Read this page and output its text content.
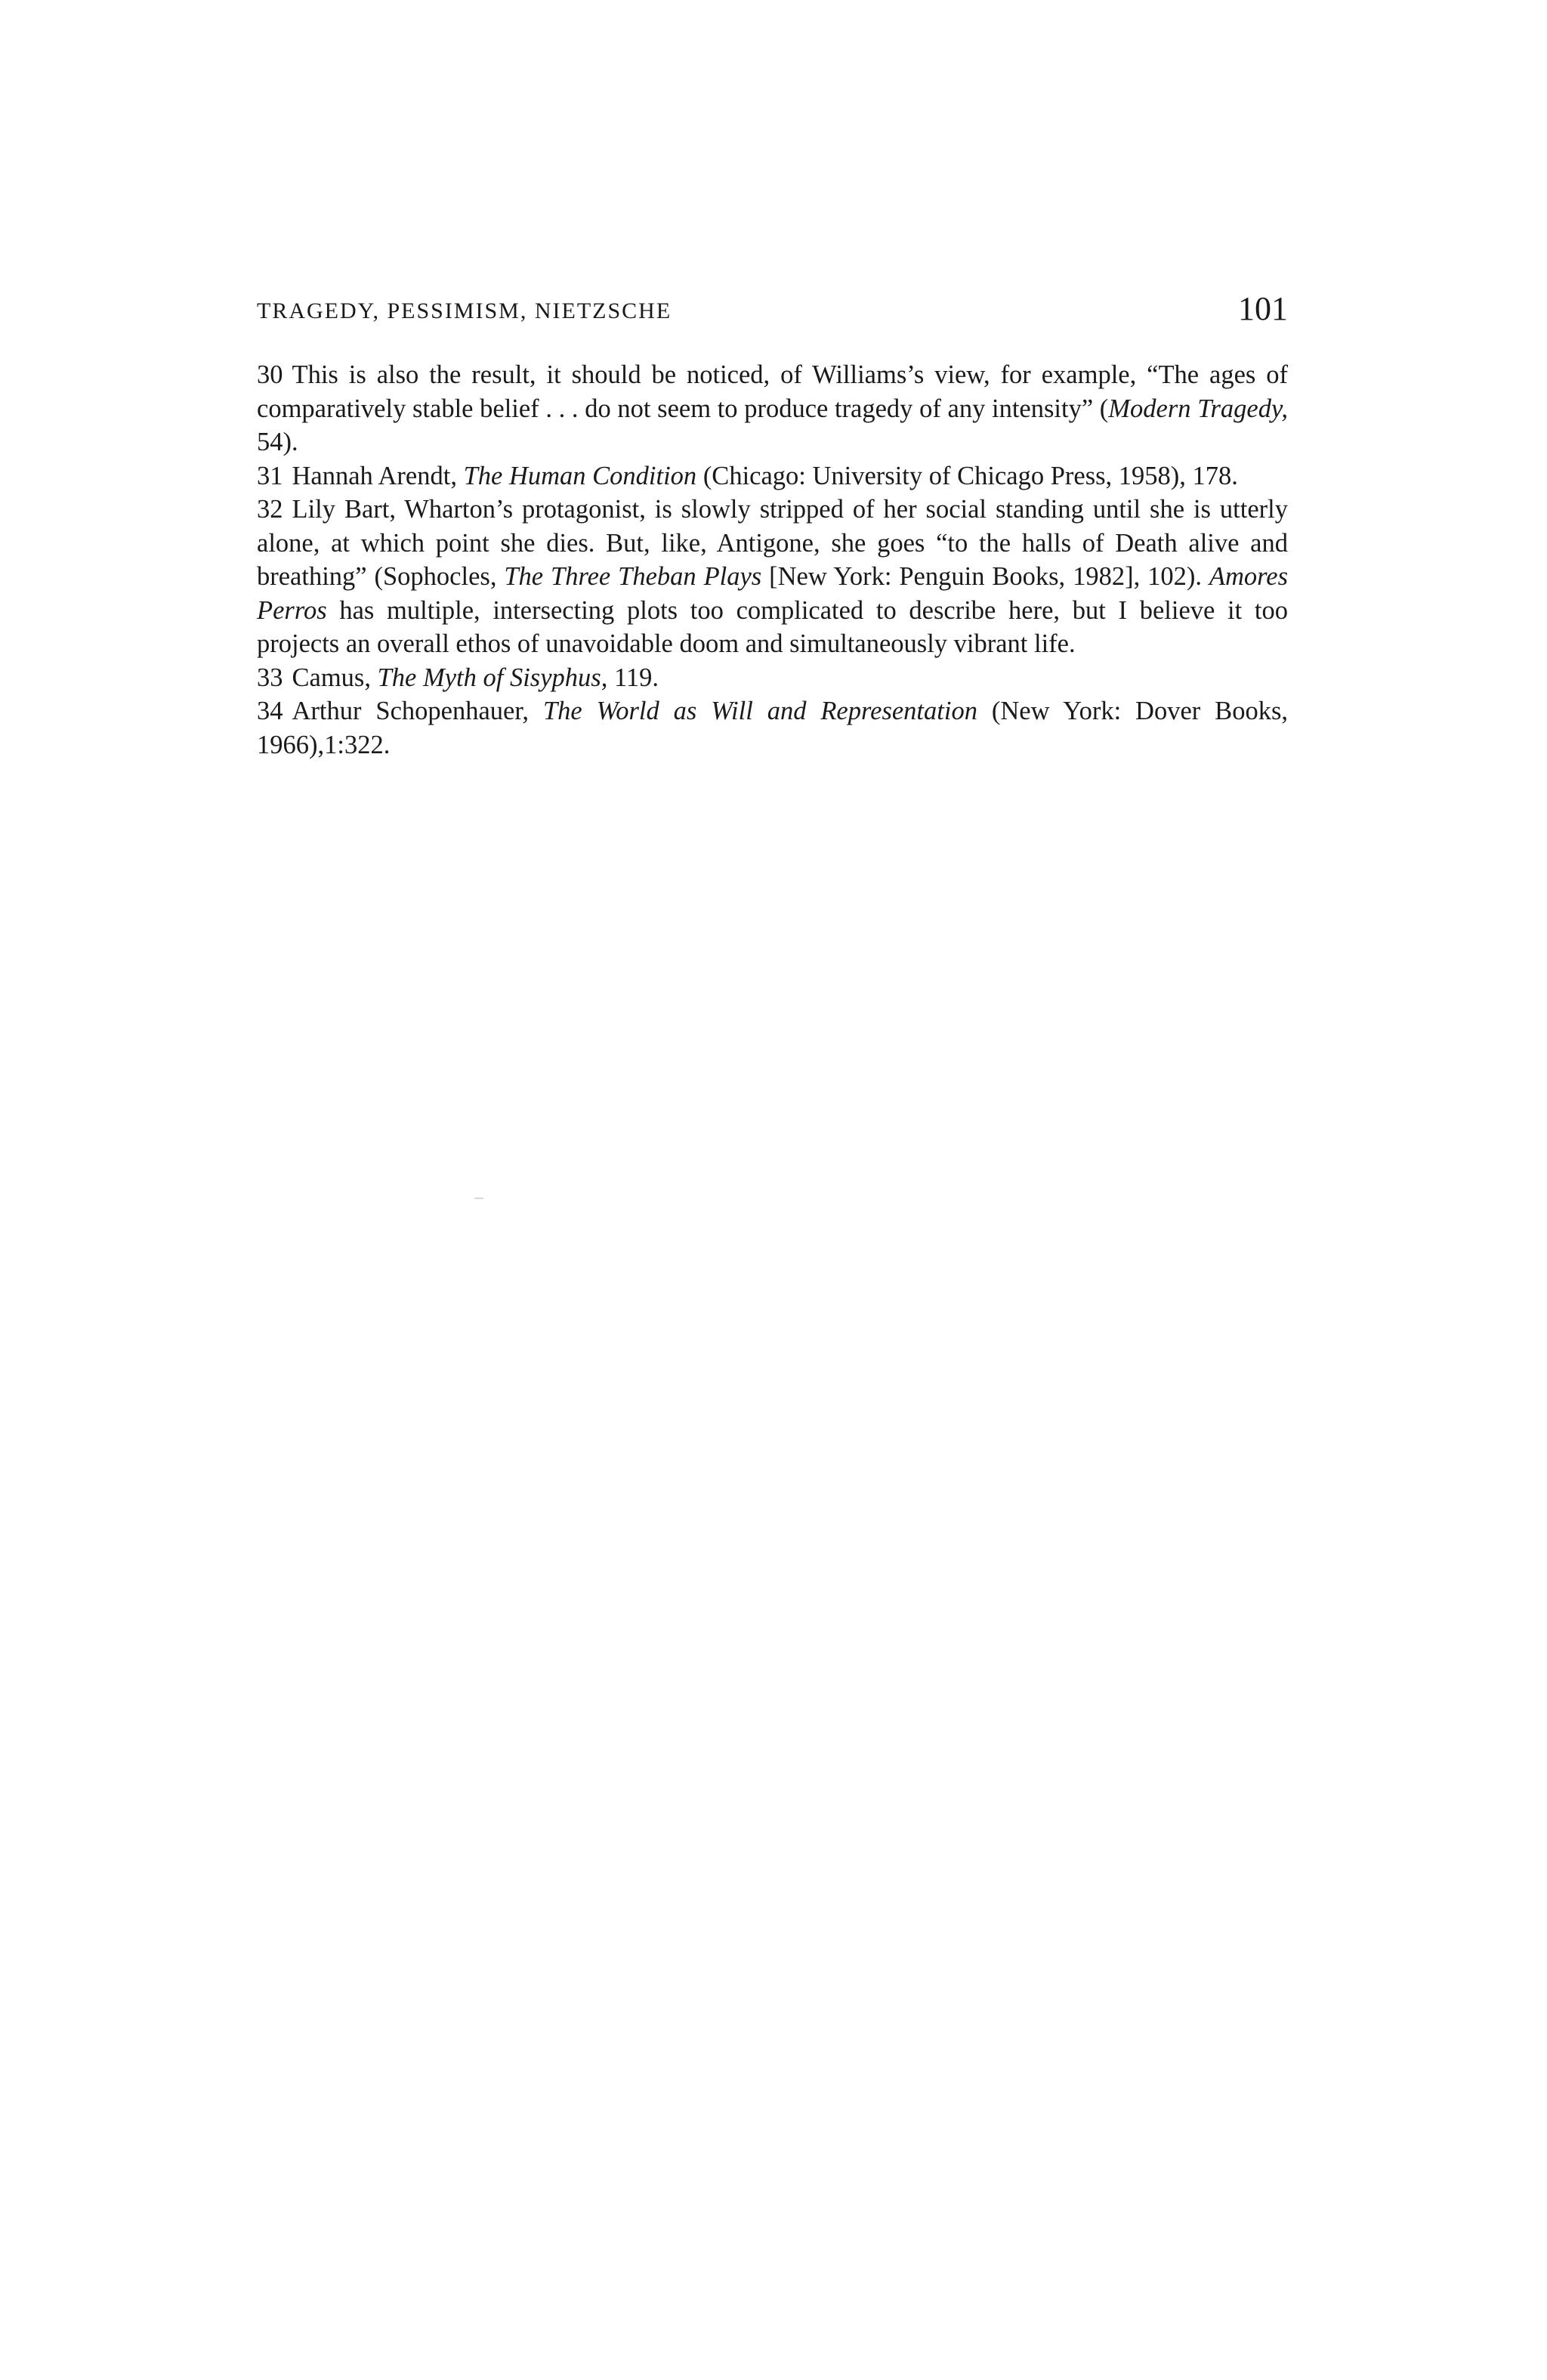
TRAGEDY, PESSIMISM, NIETZSCHE	101

30 This is also the result, it should be noticed, of Williams’s view, for example, “The ages of comparatively stable belief . . . do not seem to produce tragedy of any intensity” (Modern Tragedy, 54).

31 Hannah Arendt, The Human Condition (Chicago: University of Chicago Press, 1958), 178.

32 Lily Bart, Wharton’s protagonist, is slowly stripped of her social standing until she is utterly alone, at which point she dies. But, like, Antigone, she goes “to the halls of Death alive and breathing” (Sophocles, The Three Theban Plays [New York: Penguin Books, 1982], 102). Amores Perros has multiple, intersecting plots too complicated to describe here, but I believe it too projects an overall ethos of unavoidable doom and simultaneously vibrant life.

33 Camus, The Myth of Sisyphus, 119.

34 Arthur Schopenhauer, The World as Will and Representation (New York: Dover Books, 1966),1:322.
